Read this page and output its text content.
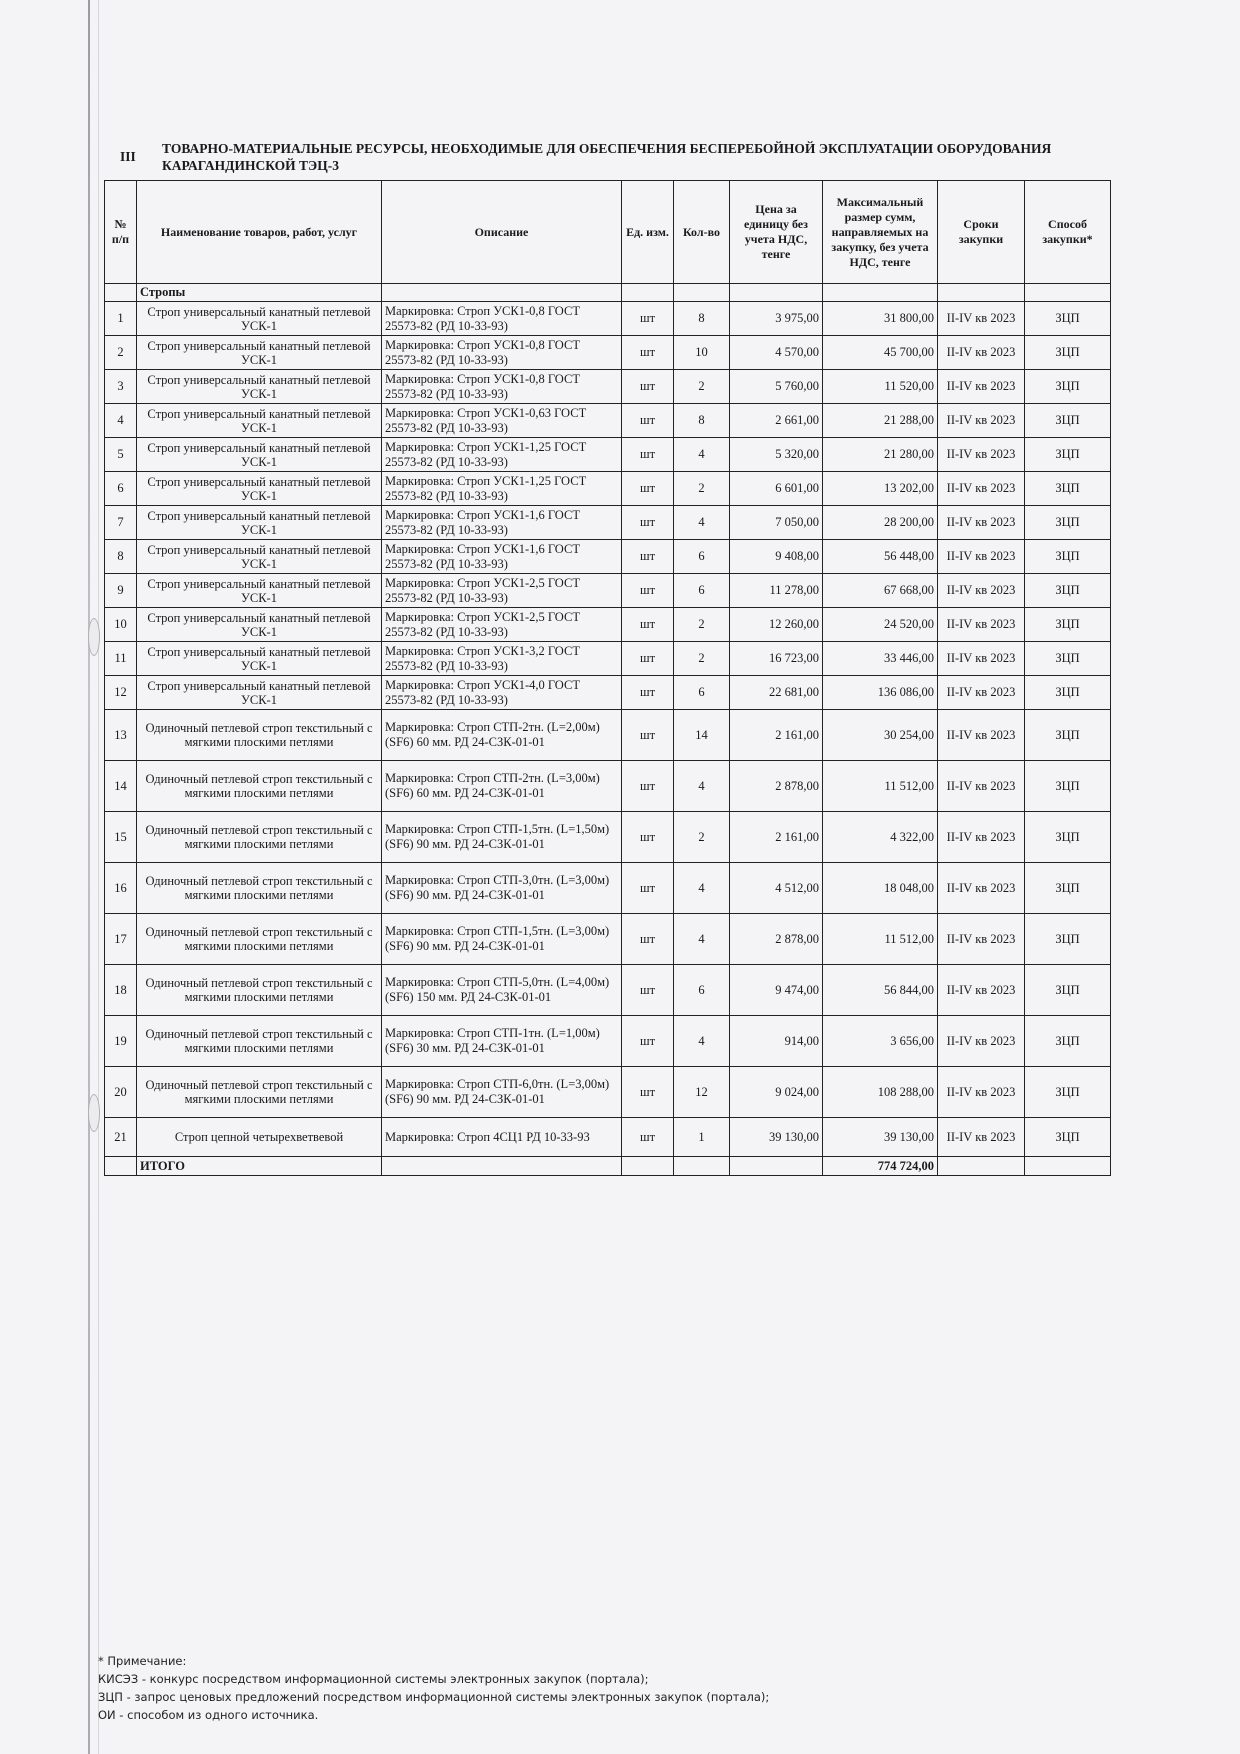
III
ТОВАРНО-МАТЕРИАЛЬНЫЕ РЕСУРСЫ, НЕОБХОДИМЫЕ ДЛЯ ОБЕСПЕЧЕНИЯ БЕСПЕРЕБОЙНОЙ ЭКСПЛУАТАЦИИ ОБОРУДОВАНИЯ КАРАГАНДИНСКОЙ ТЭЦ-3
№ п/п	Наименование товаров, работ, услуг	Описание	Ед. изм.	Кол-во	Цена за единицу без учета НДС, тенге	Максимальный размер сумм, направляемых на закупку, без учета НДС, тенге	Сроки закупки	Способ закупки*
	Стропы							
1	Строп универсальный канатный петлевой УСК-1	Маркировка: Строп УСК1-0,8 ГОСТ 25573-82 (РД 10-33-93)	шт	8	3 975,00	31 800,00	II-IV кв 2023	ЗЦП
2	Строп универсальный канатный петлевой УСК-1	Маркировка: Строп УСК1-0,8 ГОСТ 25573-82 (РД 10-33-93)	шт	10	4 570,00	45 700,00	II-IV кв 2023	ЗЦП
3	Строп универсальный канатный петлевой УСК-1	Маркировка: Строп УСК1-0,8 ГОСТ 25573-82 (РД 10-33-93)	шт	2	5 760,00	11 520,00	II-IV кв 2023	ЗЦП
4	Строп универсальный канатный петлевой УСК-1	Маркировка: Строп УСК1-0,63 ГОСТ 25573-82 (РД 10-33-93)	шт	8	2 661,00	21 288,00	II-IV кв 2023	ЗЦП
5	Строп универсальный канатный петлевой УСК-1	Маркировка: Строп УСК1-1,25 ГОСТ 25573-82 (РД 10-33-93)	шт	4	5 320,00	21 280,00	II-IV кв 2023	ЗЦП
6	Строп универсальный канатный петлевой УСК-1	Маркировка: Строп УСК1-1,25 ГОСТ 25573-82 (РД 10-33-93)	шт	2	6 601,00	13 202,00	II-IV кв 2023	ЗЦП
7	Строп универсальный канатный петлевой УСК-1	Маркировка: Строп УСК1-1,6 ГОСТ 25573-82 (РД 10-33-93)	шт	4	7 050,00	28 200,00	II-IV кв 2023	ЗЦП
8	Строп универсальный канатный петлевой УСК-1	Маркировка: Строп УСК1-1,6 ГОСТ 25573-82 (РД 10-33-93)	шт	6	9 408,00	56 448,00	II-IV кв 2023	ЗЦП
9	Строп универсальный канатный петлевой УСК-1	Маркировка: Строп УСК1-2,5 ГОСТ 25573-82 (РД 10-33-93)	шт	6	11 278,00	67 668,00	II-IV кв 2023	ЗЦП
10	Строп универсальный канатный петлевой УСК-1	Маркировка: Строп УСК1-2,5 ГОСТ 25573-82 (РД 10-33-93)	шт	2	12 260,00	24 520,00	II-IV кв 2023	ЗЦП
11	Строп универсальный канатный петлевой УСК-1	Маркировка: Строп УСК1-3,2 ГОСТ 25573-82 (РД 10-33-93)	шт	2	16 723,00	33 446,00	II-IV кв 2023	ЗЦП
12	Строп универсальный канатный петлевой УСК-1	Маркировка: Строп УСК1-4,0 ГОСТ 25573-82 (РД 10-33-93)	шт	6	22 681,00	136 086,00	II-IV кв 2023	ЗЦП
13	Одиночный петлевой строп текстильный с мягкими плоскими петлями	Маркировка: Строп СТП-2тн. (L=2,00м) (SF6) 60 мм. РД 24-СЗК-01-01	шт	14	2 161,00	30 254,00	II-IV кв 2023	ЗЦП
14	Одиночный петлевой строп текстильный с мягкими плоскими петлями	Маркировка: Строп СТП-2тн. (L=3,00м) (SF6) 60 мм. РД 24-СЗК-01-01	шт	4	2 878,00	11 512,00	II-IV кв 2023	ЗЦП
15	Одиночный петлевой строп текстильный с мягкими плоскими петлями	Маркировка: Строп СТП-1,5тн. (L=1,50м) (SF6) 90 мм. РД 24-СЗК-01-01	шт	2	2 161,00	4 322,00	II-IV кв 2023	ЗЦП
16	Одиночный петлевой строп текстильный с мягкими плоскими петлями	Маркировка: Строп СТП-3,0тн. (L=3,00м) (SF6) 90 мм. РД 24-СЗК-01-01	шт	4	4 512,00	18 048,00	II-IV кв 2023	ЗЦП
17	Одиночный петлевой строп текстильный с мягкими плоскими петлями	Маркировка: Строп СТП-1,5тн. (L=3,00м) (SF6) 90 мм. РД 24-СЗК-01-01	шт	4	2 878,00	11 512,00	II-IV кв 2023	ЗЦП
18	Одиночный петлевой строп текстильный с мягкими плоскими петлями	Маркировка: Строп СТП-5,0тн. (L=4,00м) (SF6) 150 мм. РД 24-СЗК-01-01	шт	6	9 474,00	56 844,00	II-IV кв 2023	ЗЦП
19	Одиночный петлевой строп текстильный с мягкими плоскими петлями	Маркировка: Строп СТП-1тн. (L=1,00м) (SF6) 30 мм. РД 24-СЗК-01-01	шт	4	914,00	3 656,00	II-IV кв 2023	ЗЦП
20	Одиночный петлевой строп текстильный с мягкими плоскими петлями	Маркировка: Строп СТП-6,0тн. (L=3,00м) (SF6) 90 мм. РД 24-СЗК-01-01	шт	12	9 024,00	108 288,00	II-IV кв 2023	ЗЦП
21	Строп цепной четырехветвевой	Маркировка: Строп 4СЦ1 РД 10-33-93	шт	1	39 130,00	39 130,00	II-IV кв 2023	ЗЦП
	ИТОГО					774 724,00		
* Примечание:
КИСЭЗ - конкурс посредством информационной системы электронных закупок (портала);
ЗЦП - запрос ценовых предложений посредством информационной системы электронных закупок (портала);
ОИ - способом из одного источника.
